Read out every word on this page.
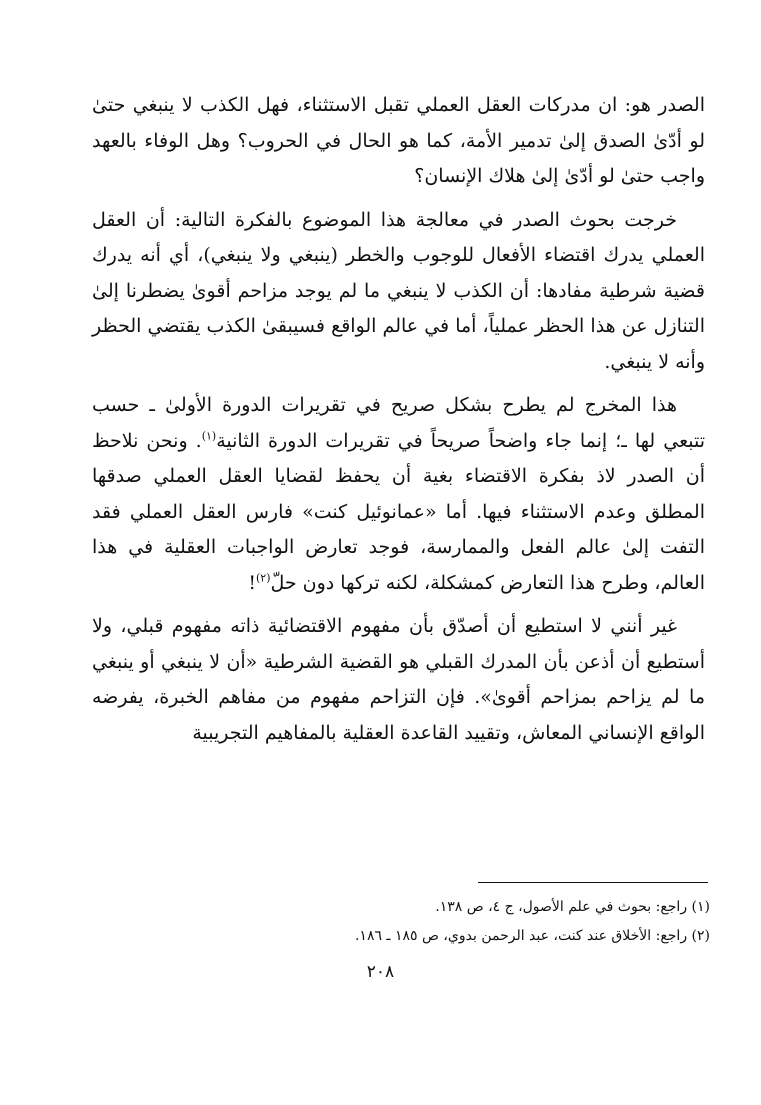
الصدر هو: ان مدركات العقل العملي تقبل الاستثناء، فهل الكذب لا ينبغي حتىٰ لو أدّىٰ الصدق إلىٰ تدمير الأمة، كما هو الحال في الحروب؟ وهل الوفاء بالعهد واجب حتىٰ لو أدّىٰ إلىٰ هلاك الإنسان؟

خرجت بحوث الصدر في معالجة هذا الموضوع بالفكرة التالية: أن العقل العملي يدرك اقتضاء الأفعال للوجوب والخطر (ينبغي ولا ينبغي)، أي أنه يدرك قضية شرطية مفادها: أن الكذب لا ينبغي ما لم يوجد مزاحم أقوىٰ يضطرنا إلىٰ التنازل عن هذا الحظر عملياً، أما في عالم الواقع فسيبقىٰ الكذب يقتضي الحظر وأنه لا ينبغي.

هذا المخرج لم يطرح بشكل صريح في تقريرات الدورة الأولىٰ ـ حسب تتبعي لها ـ؛ إنما جاء واضحاً صريحاً في تقريرات الدورة الثانية$^{(١)}$. ونحن نلاحظ أن الصدر لاذ بفكرة الاقتضاء بغية أن يحفظ لقضايا العقل العملي صدقها المطلق وعدم الاستثناء فيها. أما «عمانوئيل كنت» فارس العقل العملي فقد التفت إلىٰ عالم الفعل والممارسة، فوجد تعارض الواجبات العقلية في هذا العالم، وطرح هذا التعارض كمشكلة، لكنه تركها دون حلّ$^{(٢)}$!

غير أنني لا استطيع أن أصدّق بأن مفهوم الاقتضائية ذاته مفهوم قبلي، ولا أستطيع أن أذعن بأن المدرك القبلي هو القضية الشرطية «أن لا ينبغي أو ينبغي ما لم يزاحم بمزاحم أقوىٰ». فإن التزاحم مفهوم من مفاهم الخبرة، يفرضه الواقع الإنساني المعاش، وتقييد القاعدة العقلية بالمفاهيم التجريبية

(١) راجع: بحوث في علم الأصول، ج ٤، ص ١٣٨.
(٢) راجع: الأخلاق عند كنت، عبد الرحمن بدوي، ص ١٨٥ ـ ١٨٦.
٢٠٨
